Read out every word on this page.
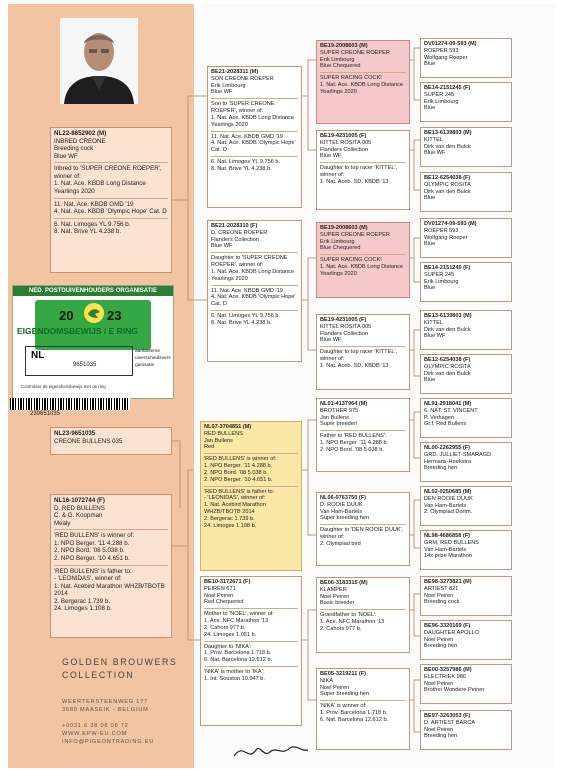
NED. POSTDUIVENHOUDERS ORGANISATIE
20	23
EIGENDOMSBEWIJS / E RING
NL
9651035
aanlanterse
uiverscheidsvers
ganisatie
Controleer de eigendomsbewijs met de ring
239651035
NL23-9651035
CREONE BULLENS 035
NL22-8652902 (M)
INBRED CREONE
Breeding cock
Blue WF
Inbred to 'SUPER CREONE ROEPER', winner of:
1. Nat. Ace. KBDB Long Distance Yearlings 2020
11. Nat. Ace. KBDB GMD '19
4. Nat. Ace. KBDB 'Olympic Hope' Cat. D
6. Nat. Limoges YL 9.756 b.
8. Nat. Brive YL 4.238 b.
NL16-1072744 (F)
D. RED BULLENS
C. & G. Koopman
Mealy
'RED BULLENS' is winner of:
1. NPO Berger. '11 4.288 b.
2. NPO Bord. '08 5.038 b.
2. NPO Berger. '10 4.651 b.
'RED BULLENS' is father to:
- 'LEONIDAS', winner of:
1. Nat. Acebird Marathon WHZB/TBOTB 2014
2. Bergerac 1.739 b.
24. Limoges 1.108 b.
BE21-2028311 (M)
SON CREONE ROEPER
Erik Limbourg
Blue WF
Son to 'SUPER CREONE ROEPER', winner of:
1. Nat. Ace. KBDB Long Distance Yearlings 2020
11. Nat. Ace. KBDB GMD '19
4. Nat. Ace. KBDB 'Olympic Hope' Cat. D
6. Nat. Limoges YL 9.756 b.
8. Nat. Brive YL 4.238 b.
BE21-2028310 (F)
D. CREONE ROEPER
Flanders Collection
Blue WF
Daughter to 'SUPER CREONE ROEPER', winner of:
1. Nat. Ace. KBDB Long Distance Yearlings 2020
11. Nat. Ace. KBDB GMD '19
4. Nat. Ace. KBDB 'Olympic Hope' Cat. D
6. Nat. Limoges YL 9.756 b.
8. Nat. Brive YL 4.238 b.
NL07-3704851 (M)
RED BULLENS
Jan Bullens
Red
'RED BULLENS' is winner of:
1. NPO Berger. '11 4.288 b.
2. NPO Bord. '08 5.038 b.
2. NPO Berger. '10 4.651 b.
'RED BULLENS' is father to:
- 'LEONIDAS', winner of:
1. Nat. Acebird Marathon WHZB/TBOTB 2014
2. Bergerac 1.739 b.
24. Limoges 1.108 b.
BE10-3172671 (F)
PEIREN 671
Noel Peiren
Red Chequered
Mother to 'NOEL', winner of:
1. Ace. NFC Marathon '13
2. Cahors 977 b.
24. Limoges 1.051 b.
Daughter to 'NIKA':
1. Prov. Barcelona 1.718 b.
6. Nat. Barcelona 12.612 b.
'NIKA' is mother to 'IKA':
1. Int. Souston 10.947 b.
BE19-2008603 (M)
SUPER CREONE ROEPER
Erik Limbourg
Blue Chequered
SUPER RACING COCK!
1. Nat. Ace. KBDB Long Distance Yearlings 2020
BE19-4231005 (F)
KITTEL ROSITA 005
Flanders Collection
Blue WF
Daughter to top racer 'KITTEL', winner of:
1. Nat. Aceb. SD. KBDB '13
BE19-2008603 (M)
SUPER CREONE ROEPER
Erik Limbourg
Blue Chequered
SUPER RACING COCK!
1. Nat. Ace. KBDB Long Distance Yearlings 2020
BE19-4231005 (F)
KITTEL ROSITA 005
Flanders Collection
Blue WF
Daughter to top racer 'KITTEL', winner of:
1. Nat. Aceb. SD. KBDB '13
NL01-4137964 (M)
BROTHER 975
Jan Bullens
Super breeder!
Father to 'RED BULLENS':
1. NPO Berger. '11 4.288 b.
2. NPO Bord. '08 5.038 b.
NL06-0763750 (F)
D. ROOIE DUUK
Van Ham-Bartels
Super breeding hen
Daughter to 'DEN ROOIE DUUK', winner of:
2. Olympiad bird
BE06-3183315 (M)
KLAMPER
Noel Peiren
Basic breeder
Grandfather to 'NOEL':
1. Ace. NFC Marathon '13
2. Cahors 977 b.
BE05-3219211 (F)
NIKA
Noel Peiren
Super breeding hen
'NIKA' is winner of:
1. Prov. Barcelona 1.718 b.
6. Nat. Barcelona 12.612 b.
DV01274-09-593 (M)
ROEPER 593
Wolfgang Roeper
Blue
BE14-2151245 (F)
SUPER 245
Erik Limbourg
Blue
BE13-6139803 (M)
KITTEL
Dirk van den Bulck
Blue WF
BE12-6254038 (F)
OLYMPIC ROSITA
Dirk van den Bulck
Blue
DV01274-09-593 (M)
ROEPER 593
Wolfgang Roeper
Blue
BE14-2151245 (F)
SUPER 245
Erik Limbourg
Blue
BE13-6139803 (M)
KITTEL
Dirk van den Bulck
Blue WF
BE12-6254038 (F)
OLYMPIC ROSITA
Dirk van den Bulck
Blue
NL91-2918041 (M)
6. NAT. ST. VINCENT
P. Verhagen
Gr.f. Red Bullens
NL00-2262955 (F)
GRD. JULLIET-SMARAGD
Hermans-Hoekstra
Breeding hen
NL02-0250685 (M)
DEN ROOIE DUUK
Van Ham-Bartels
2. Olympiad Dortm.
NL98-4686858 (F)
GRM. RED BULLENS
Van Ham-Bartels
14x prize Marathon
BE98-3273821 (M)
ARTIEST 821
Noel Peiren
Breeding cock
BE96-3320169 (F)
DAUGHTER APOLLO
Noel Peiren
Breeding hen
BE00-3257986 (M)
ELECTRIEK 986
Noel Peiren
Brother Wondere Peiren
BE97-3263053 (F)
D. ARTIEST BARCA
Noel Peiren
Breeding hen
GOLDEN BROUWERS
COLLECTION
WEERTERSTEENWEG 177
3680 MAASEIK - BELGIUM
+0031 6 38 08 08 72
WWW.EPW-EU.COM
INFO@PIGEONTRADING.EU
